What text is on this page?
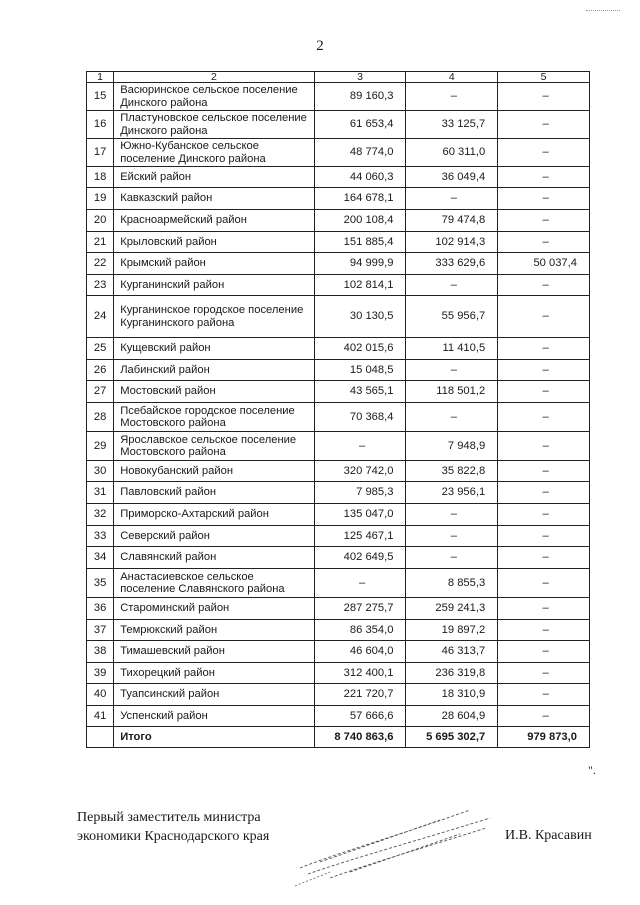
2
1	2	3	4	5
15	Васюринское сельское поселение Динского района	89 160,3	–	–
16	Пластуновское сельское поселение Динского района	61 653,4	33 125,7	–
17	Южно-Кубанское сельское поселение Динского района	48 774,0	60 311,0	–
18	Ейский район	44 060,3	36 049,4	–
19	Кавказский район	164 678,1	–	–
20	Красноармейский район	200 108,4	79 474,8	–
21	Крыловский район	151 885,4	102 914,3	–
22	Крымский район	94 999,9	333 629,6	50 037,4
23	Курганинский район	102 814,1	–	–
24	Курганинское городское поселение Курганинского района	30 130,5	55 956,7	–
25	Кущевский район	402 015,6	11 410,5	–
26	Лабинский район	15 048,5	–	–
27	Мостовский район	43 565,1	118 501,2	–
28	Псебайское городское поселение Мостовского района	70 368,4	–	–
29	Ярославское сельское поселение Мостовского района	–	7 948,9	–
30	Новокубанский район	320 742,0	35 822,8	–
31	Павловский район	7 985,3	23 956,1	–
32	Приморско-Ахтарский район	135 047,0	–	–
33	Северский район	125 467,1	–	–
34	Славянский район	402 649,5	–	–
35	Анастасиевское сельское поселение Славянского района	–	8 855,3	–
36	Староминский район	287 275,7	259 241,3	–
37	Темрюкский район	86 354,0	19 897,2	–
38	Тимашевский район	46 604,0	46 313,7	–
39	Тихорецкий район	312 400,1	236 319,8	–
40	Туапсинский район	221 720,7	18 310,9	–
41	Успенский район	57 666,6	28 604,9	–
	Итого	8 740 863,6	5 695 302,7	979 873,0
".
Первый заместитель министра
экономики Краснодарского края	И.В. Красавин
